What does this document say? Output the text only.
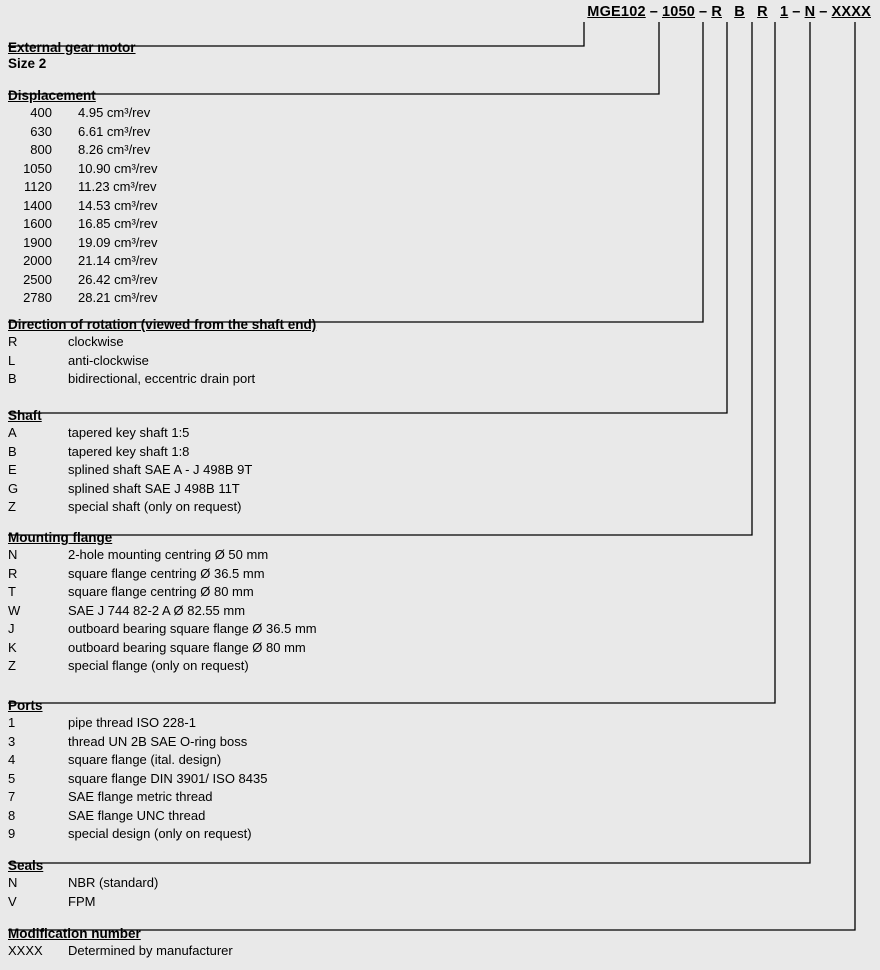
MGE102 – 1050 – R B R 1 – N – XXXX
External gear motor
Size 2
Displacement
400 4.95 cm³/rev
630 6.61 cm³/rev
800 8.26 cm³/rev
1050 10.90 cm³/rev
1120 11.23 cm³/rev
1400 14.53 cm³/rev
1600 16.85 cm³/rev
1900 19.09 cm³/rev
2000 21.14 cm³/rev
2500 26.42 cm³/rev
2780 28.21 cm³/rev
Direction of rotation (viewed from the shaft end)
R	clockwise
L	anti-clockwise
B	bidirectional, eccentric drain port
Shaft
A	tapered key shaft 1:5
B	tapered key shaft 1:8
E	splined shaft SAE A - J 498B 9T
G	splined shaft SAE J 498B 11T
Z	special shaft (only on request)
Mounting flange
N	2-hole mounting centring Ø 50 mm
R	square flange centring Ø 36.5 mm
T	square flange centring Ø 80 mm
W	SAE J 744 82-2 A Ø 82.55 mm
J	outboard bearing square flange Ø 36.5 mm
K	outboard bearing square flange Ø 80 mm
Z	special flange (only on request)
Ports
1	pipe thread ISO 228-1
3	thread UN 2B SAE O-ring boss
4	square flange (ital. design)
5	square flange DIN 3901/ ISO 8435
7	SAE flange metric thread
8	SAE flange UNC thread
9	special design (only on request)
Seals
N	NBR (standard)
V	FPM
Modification number
XXXX	Determined by manufacturer
